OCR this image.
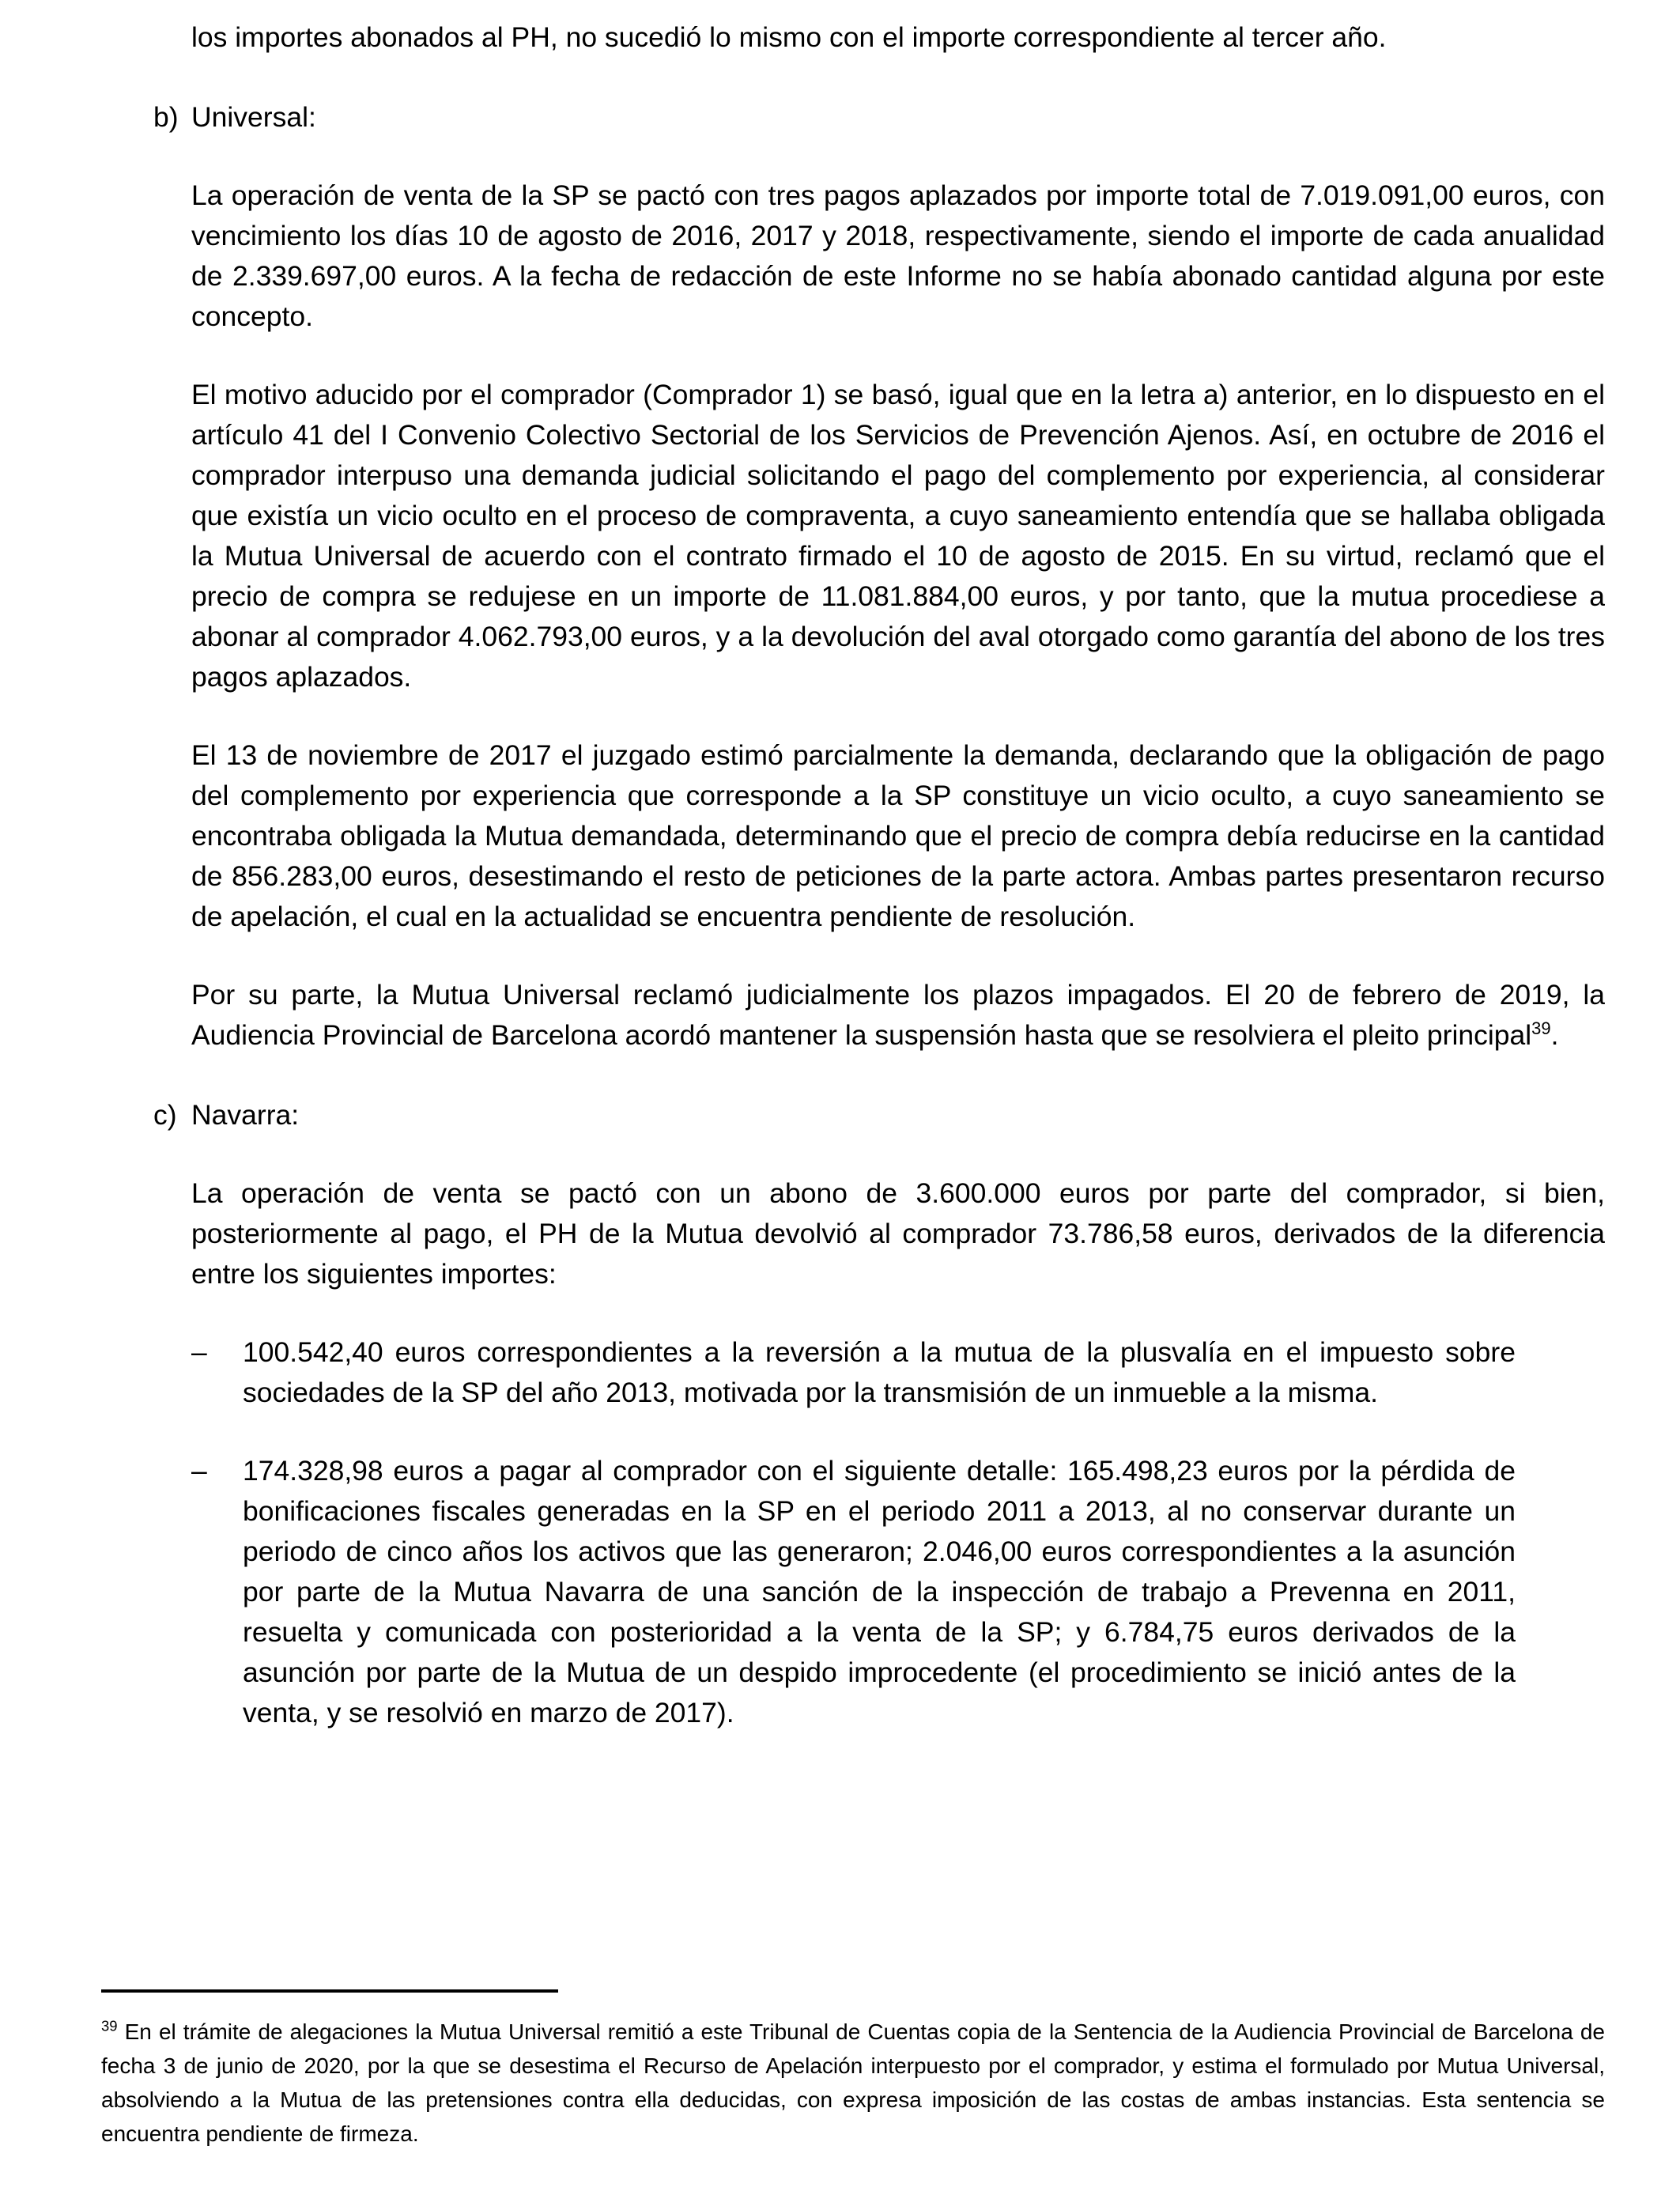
los importes abonados al PH, no sucedió lo mismo con el importe correspondiente al tercer año.

b) Universal:

La operación de venta de la SP se pactó con tres pagos aplazados por importe total de 7.019.091,00 euros, con vencimiento los días 10 de agosto de 2016, 2017 y 2018, respectivamente, siendo el importe de cada anualidad de 2.339.697,00 euros. A la fecha de redacción de este Informe no se había abonado cantidad alguna por este concepto.

El motivo aducido por el comprador (Comprador 1) se basó, igual que en la letra a) anterior, en lo dispuesto en el artículo 41 del I Convenio Colectivo Sectorial de los Servicios de Prevención Ajenos. Así, en octubre de 2016 el comprador interpuso una demanda judicial solicitando el pago del complemento por experiencia, al considerar que existía un vicio oculto en el proceso de compraventa, a cuyo saneamiento entendía que se hallaba obligada la Mutua Universal de acuerdo con el contrato firmado el 10 de agosto de 2015. En su virtud, reclamó que el precio de compra se redujese en un importe de 11.081.884,00 euros, y por tanto, que la mutua procediese a abonar al comprador 4.062.793,00 euros, y a la devolución del aval otorgado como garantía del abono de los tres pagos aplazados.

El 13 de noviembre de 2017 el juzgado estimó parcialmente la demanda, declarando que la obligación de pago del complemento por experiencia que corresponde a la SP constituye un vicio oculto, a cuyo saneamiento se encontraba obligada la Mutua demandada, determinando que el precio de compra debía reducirse en la cantidad de 856.283,00 euros, desestimando el resto de peticiones de la parte actora. Ambas partes presentaron recurso de apelación, el cual en la actualidad se encuentra pendiente de resolución.

Por su parte, la Mutua Universal reclamó judicialmente los plazos impagados. El 20 de febrero de 2019, la Audiencia Provincial de Barcelona acordó mantener la suspensión hasta que se resolviera el pleito principal$^{39}$.

c) Navarra:

La operación de venta se pactó con un abono de 3.600.000 euros por parte del comprador, si bien, posteriormente al pago, el PH de la Mutua devolvió al comprador 73.786,58 euros, derivados de la diferencia entre los siguientes importes:

–	100.542,40 euros correspondientes a la reversión a la mutua de la plusvalía en el impuesto sobre sociedades de la SP del año 2013, motivada por la transmisión de un inmueble a la misma.
–	174.328,98 euros a pagar al comprador con el siguiente detalle: 165.498,23 euros por la pérdida de bonificaciones fiscales generadas en la SP en el periodo 2011 a 2013, al no conservar durante un periodo de cinco años los activos que las generaron; 2.046,00 euros correspondientes a la asunción por parte de la Mutua Navarra de una sanción de la inspección de trabajo a Prevenna en 2011, resuelta y comunicada con posterioridad a la venta de la SP; y 6.784,75 euros derivados de la asunción por parte de la Mutua de un despido improcedente (el procedimiento se inició antes de la venta, y se resolvió en marzo de 2017).

$^{39}$ En el trámite de alegaciones la Mutua Universal remitió a este Tribunal de Cuentas copia de la Sentencia de la Audiencia Provincial de Barcelona de fecha 3 de junio de 2020, por la que se desestima el Recurso de Apelación interpuesto por el comprador, y estima el formulado por Mutua Universal, absolviendo a la Mutua de las pretensiones contra ella deducidas, con expresa imposición de las costas de ambas instancias. Esta sentencia se encuentra pendiente de firmeza.
